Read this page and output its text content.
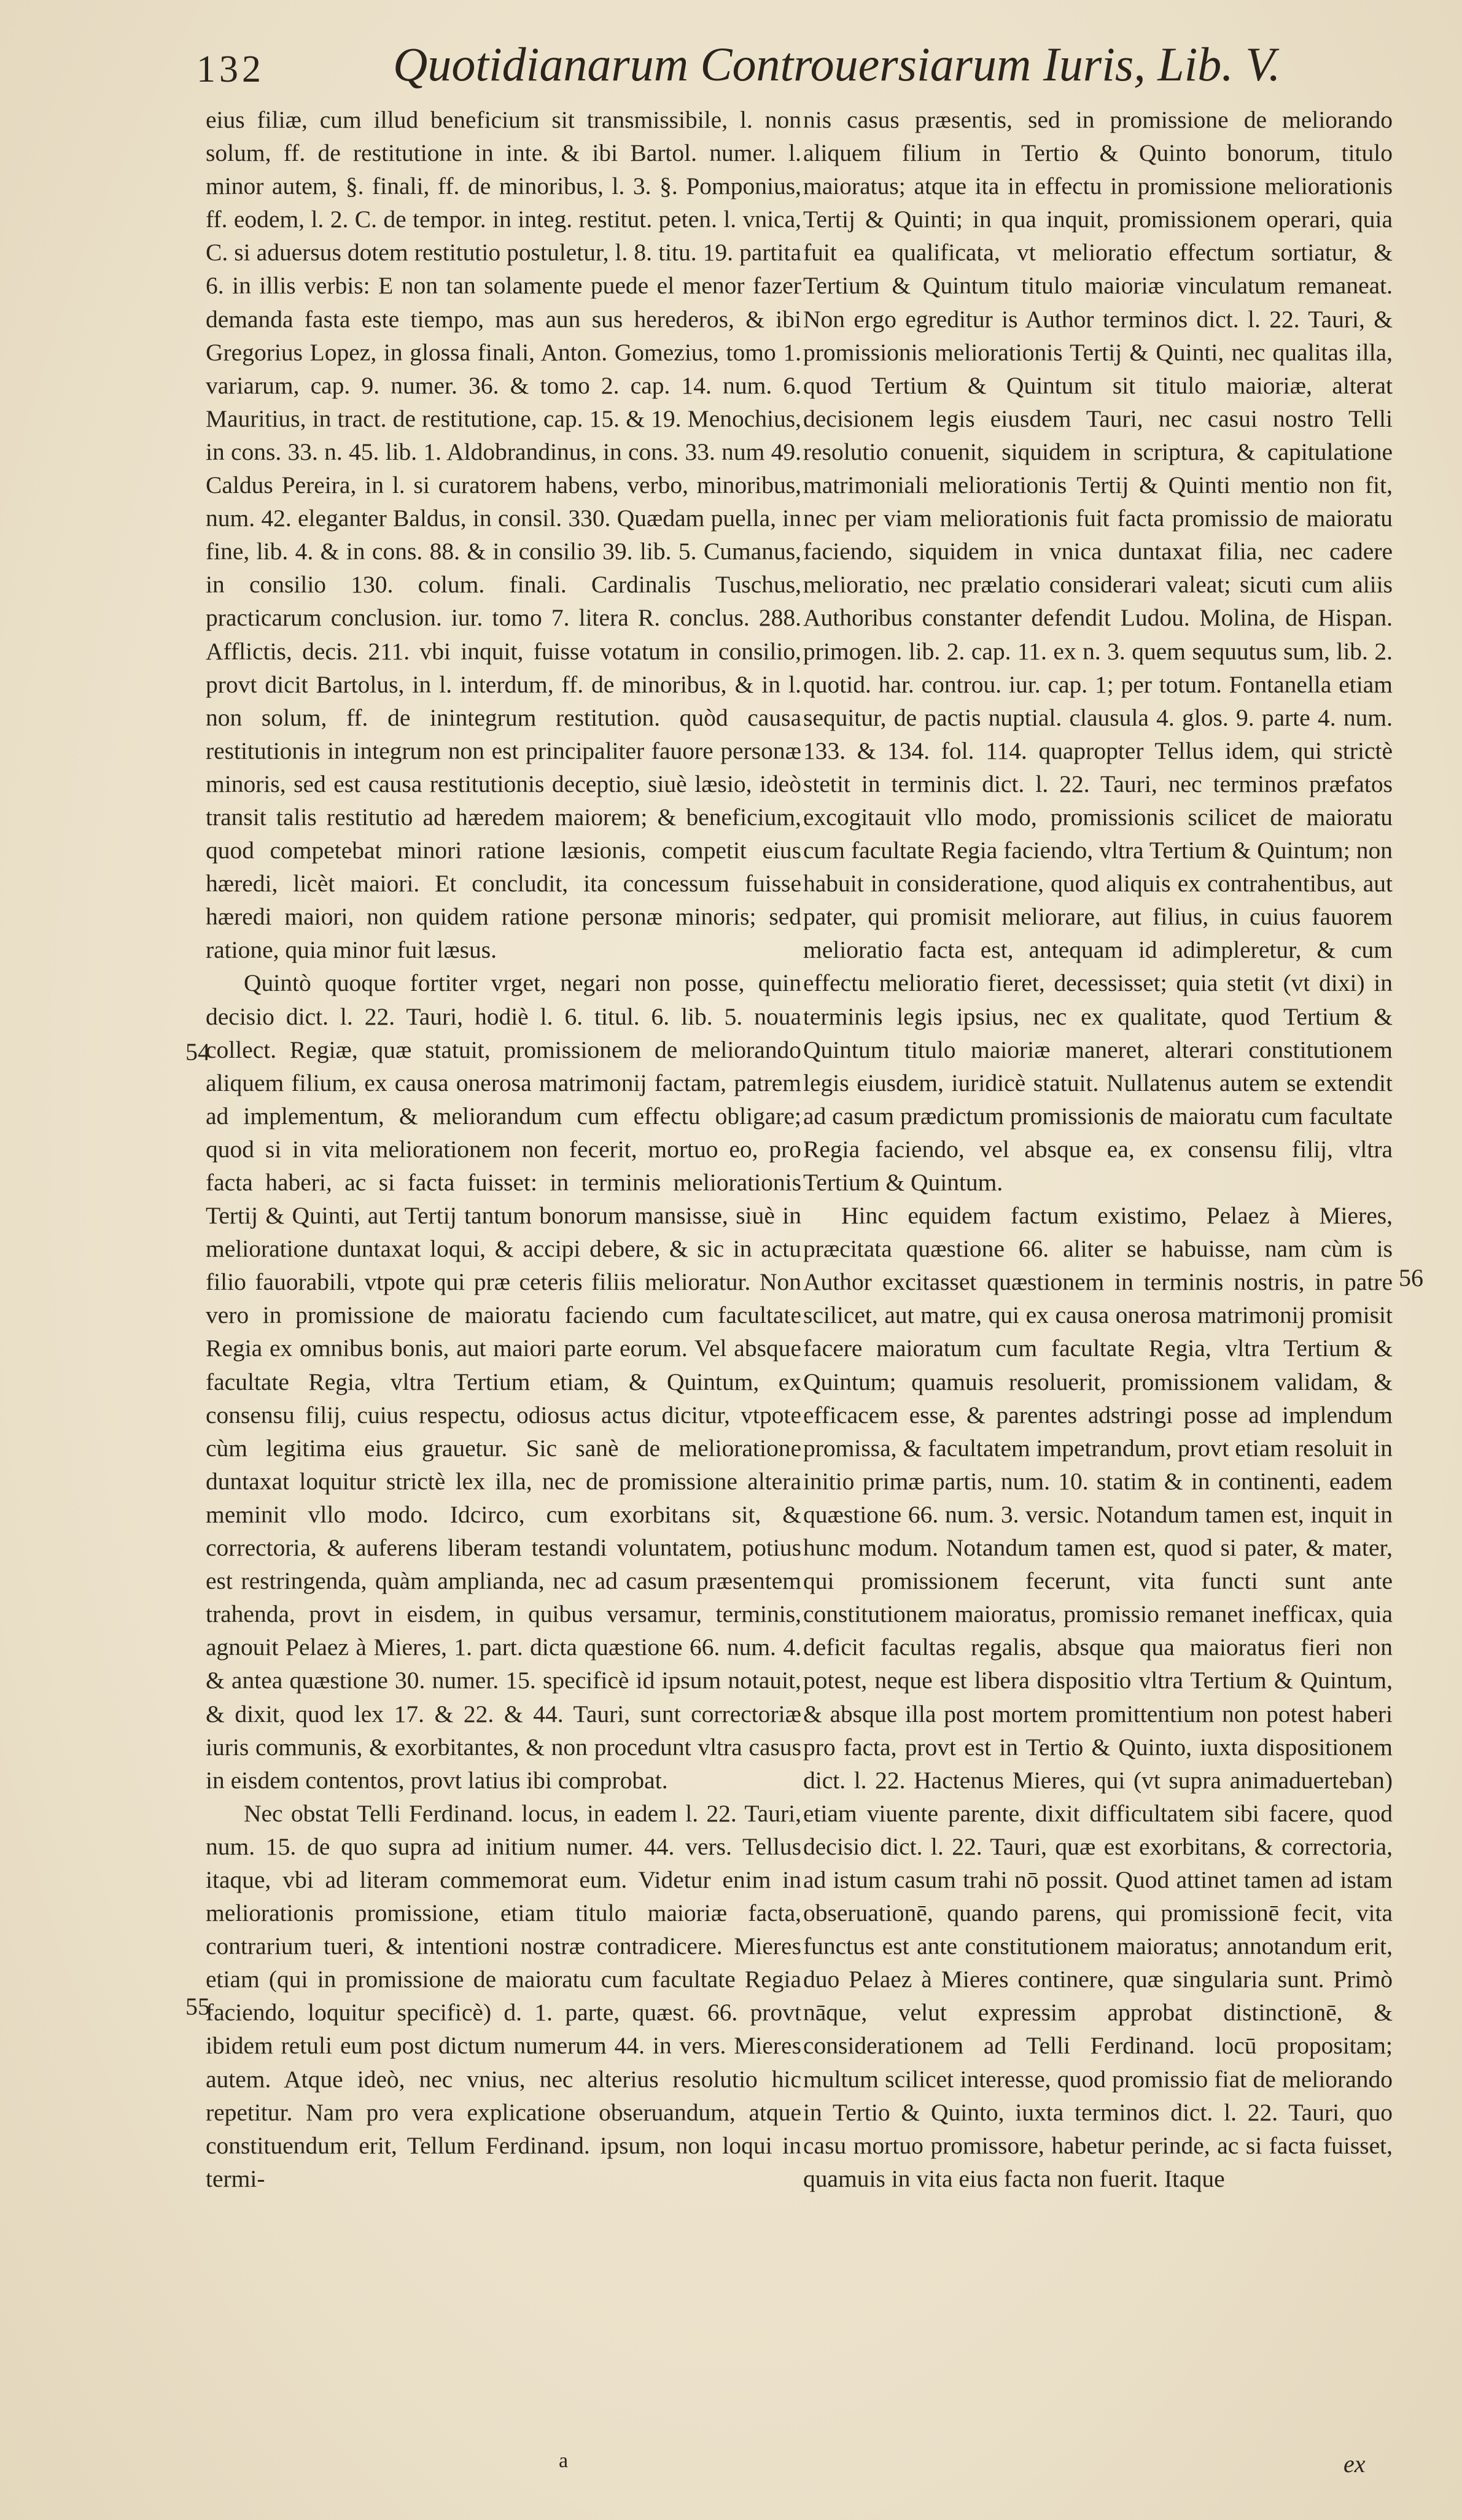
132	Quotidianarum Controuersiarum Iuris, Lib. V.
54
55
56

eius filiæ, cum illud beneficium sit transmissibile, l. non solum, ff. de restitutione in inte. & ibi Bartol. numer. l. minor autem, §. finali, ff. de minoribus, l. 3. §. Pomponius, ff. eodem, l. 2. C. de tempor. in integ. restitut. peten. l. vnica, C. si aduersus dotem restitutio postuletur, l. 8. titu. 19. partita 6. in illis verbis: E non tan solamente puede el menor fazer demanda fasta este tiempo, mas aun sus herederos, & ibi Gregorius Lopez, in glossa finali, Anton. Gomezius, tomo 1. variarum, cap. 9. numer. 36. & tomo 2. cap. 14. num. 6. Mauritius, in tract. de restitutione, cap. 15. & 19. Menochius, in cons. 33. n. 45. lib. 1. Aldobrandinus, in cons. 33. num 49. Caldus Pereira, in l. si curatorem habens, verbo, minoribus, num. 42. eleganter Baldus, in consil. 330. Quædam puella, in fine, lib. 4. & in cons. 88. & in consilio 39. lib. 5. Cumanus, in consilio 130. colum. finali. Cardinalis Tuschus, practicarum conclusion. iur. tomo 7. litera R. conclus. 288. Afflictis, decis. 211. vbi inquit, fuisse votatum in consilio, provt dicit Bartolus, in l. interdum, ff. de minoribus, & in l. non solum, ff. de inintegrum restitution. quòd causa restitutionis in integrum non est principaliter fauore personæ minoris, sed est causa restitutionis deceptio, siuè læsio, ideò transit talis restitutio ad hæredem maiorem; & beneficium, quod competebat minori ratione læsionis, competit eius hæredi, licèt maiori. Et concludit, ita concessum fuisse hæredi maiori, non quidem ratione personæ minoris; sed ratione, quia minor fuit læsus.

Quintò quoque fortiter vrget, negari non posse, quin decisio dict. l. 22. Tauri, hodiè l. 6. titul. 6. lib. 5. noua collect. Regiæ, quæ statuit, promissionem de meliorando aliquem filium, ex causa onerosa matrimonij factam, patrem ad implementum, & meliorandum cum effectu obligare; quod si in vita meliorationem non fecerit, mortuo eo, pro facta haberi, ac si facta fuisset: in terminis meliorationis Tertij & Quinti, aut Tertij tantum bonorum mansisse, siuè in melioratione duntaxat loqui, & accipi debere, & sic in actu filio fauorabili, vtpote qui præ ceteris filiis melioratur. Non vero in promissione de maioratu faciendo cum facultate Regia ex omnibus bonis, aut maiori parte eorum. Vel absque facultate Regia, vltra Tertium etiam, & Quintum, ex consensu filij, cuius respectu, odiosus actus dicitur, vtpote cùm legitima eius grauetur. Sic sanè de melioratione duntaxat loquitur strictè lex illa, nec de promissione altera meminit vllo modo. Idcirco, cum exorbitans sit, & correctoria, & auferens liberam testandi voluntatem, potius est restringenda, quàm amplianda, nec ad casum præsentem trahenda, provt in eisdem, in quibus versamur, terminis, agnouit Pelaez à Mieres, 1. part. dicta quæstione 66. num. 4. & antea quæstione 30. numer. 15. specificè id ipsum notauit, & dixit, quod lex 17. & 22. & 44. Tauri, sunt correctoriæ iuris communis, & exorbitantes, & non procedunt vltra casus in eisdem contentos, provt latius ibi comprobat.

Nec obstat Telli Ferdinand. locus, in eadem l. 22. Tauri, num. 15. de quo supra ad initium numer. 44. vers. Tellus itaque, vbi ad literam commemorat eum. Videtur enim in meliorationis promissione, etiam titulo maioriæ facta, contrarium tueri, & intentioni nostræ contradicere. Mieres etiam (qui in promissione de maioratu cum facultate Regia faciendo, loquitur specificè) d. 1. parte, quæst. 66. provt ibidem retuli eum post dictum numerum 44. in vers. Mieres autem. Atque ideò, nec vnius, nec alterius resolutio hic repetitur. Nam pro vera explicatione obseruandum, atque constituendum erit, Tellum Ferdinand. ipsum, non loqui in termi-

nis casus præsentis, sed in promissione de meliorando aliquem filium in Tertio & Quinto bonorum, titulo maioratus; atque ita in effectu in promissione meliorationis Tertij & Quinti; in qua inquit, promissionem operari, quia fuit ea qualificata, vt melioratio effectum sortiatur, & Tertium & Quintum titulo maioriæ vinculatum remaneat. Non ergo egreditur is Author terminos dict. l. 22. Tauri, & promissionis meliorationis Tertij & Quinti, nec qualitas illa, quod Tertium & Quintum sit titulo maioriæ, alterat decisionem legis eiusdem Tauri, nec casui nostro Telli resolutio conuenit, siquidem in scriptura, & capitulatione matrimoniali meliorationis Tertij & Quinti mentio non fit, nec per viam meliorationis fuit facta promissio de maioratu faciendo, siquidem in vnica duntaxat filia, nec cadere melioratio, nec prælatio considerari valeat; sicuti cum aliis Authoribus constanter defendit Ludou. Molina, de Hispan. primogen. lib. 2. cap. 11. ex n. 3. quem sequutus sum, lib. 2. quotid. har. controu. iur. cap. 1; per totum. Fontanella etiam sequitur, de pactis nuptial. clausula 4. glos. 9. parte 4. num. 133. & 134. fol. 114. quapropter Tellus idem, qui strictè stetit in terminis dict. l. 22. Tauri, nec terminos præfatos excogitauit vllo modo, promissionis scilicet de maioratu cum facultate Regia faciendo, vltra Tertium & Quintum; non habuit in consideratione, quod aliquis ex contrahentibus, aut pater, qui promisit meliorare, aut filius, in cuius fauorem melioratio facta est, antequam id adimpleretur, & cum effectu melioratio fieret, decessisset; quia stetit (vt dixi) in terminis legis ipsius, nec ex qualitate, quod Tertium & Quintum titulo maioriæ maneret, alterari constitutionem legis eiusdem, iuridicè statuit. Nullatenus autem se extendit ad casum prædictum promissionis de maioratu cum facultate Regia faciendo, vel absque ea, ex consensu filij, vltra Tertium & Quintum.

Hinc equidem factum existimo, Pelaez à Mieres, præcitata quæstione 66. aliter se habuisse, nam cùm is Author excitasset quæstionem in terminis nostris, in patre scilicet, aut matre, qui ex causa onerosa matrimonij promisit facere maioratum cum facultate Regia, vltra Tertium & Quintum; quamuis resoluerit, promissionem validam, & efficacem esse, & parentes adstringi posse ad implendum promissa, & facultatem impetrandum, provt etiam resoluit in initio primæ partis, num. 10. statim & in continenti, eadem quæstione 66. num. 3. versic. Notandum tamen est, inquit in hunc modum. Notandum tamen est, quod si pater, & mater, qui promissionem fecerunt, vita functi sunt ante constitutionem maioratus, promissio remanet inefficax, quia deficit facultas regalis, absque qua maioratus fieri non potest, neque est libera dispositio vltra Tertium & Quintum, & absque illa post mortem promittentium non potest haberi pro facta, provt est in Tertio & Quinto, iuxta dispositionem dict. l. 22. Hactenus Mieres, qui (vt supra animaduerteban) etiam viuente parente, dixit difficultatem sibi facere, quod decisio dict. l. 22. Tauri, quæ est exorbitans, & correctoria, ad istum casum trahi nō possit. Quod attinet tamen ad istam obseruationē, quando parens, qui promissionē fecit, vita functus est ante constitutionem maioratus; annotandum erit, duo Pelaez à Mieres continere, quæ singularia sunt. Primò nāque, velut expressim approbat distinctionē, & considerationem ad Telli Ferdinand. locū propositam; multum scilicet interesse, quod promissio fiat de meliorando in Tertio & Quinto, iuxta terminos dict. l. 22. Tauri, quo casu mortuo promissore, habetur perinde, ac si facta fuisset, quamuis in vita eius facta non fuerit. Itaque

a	ex
